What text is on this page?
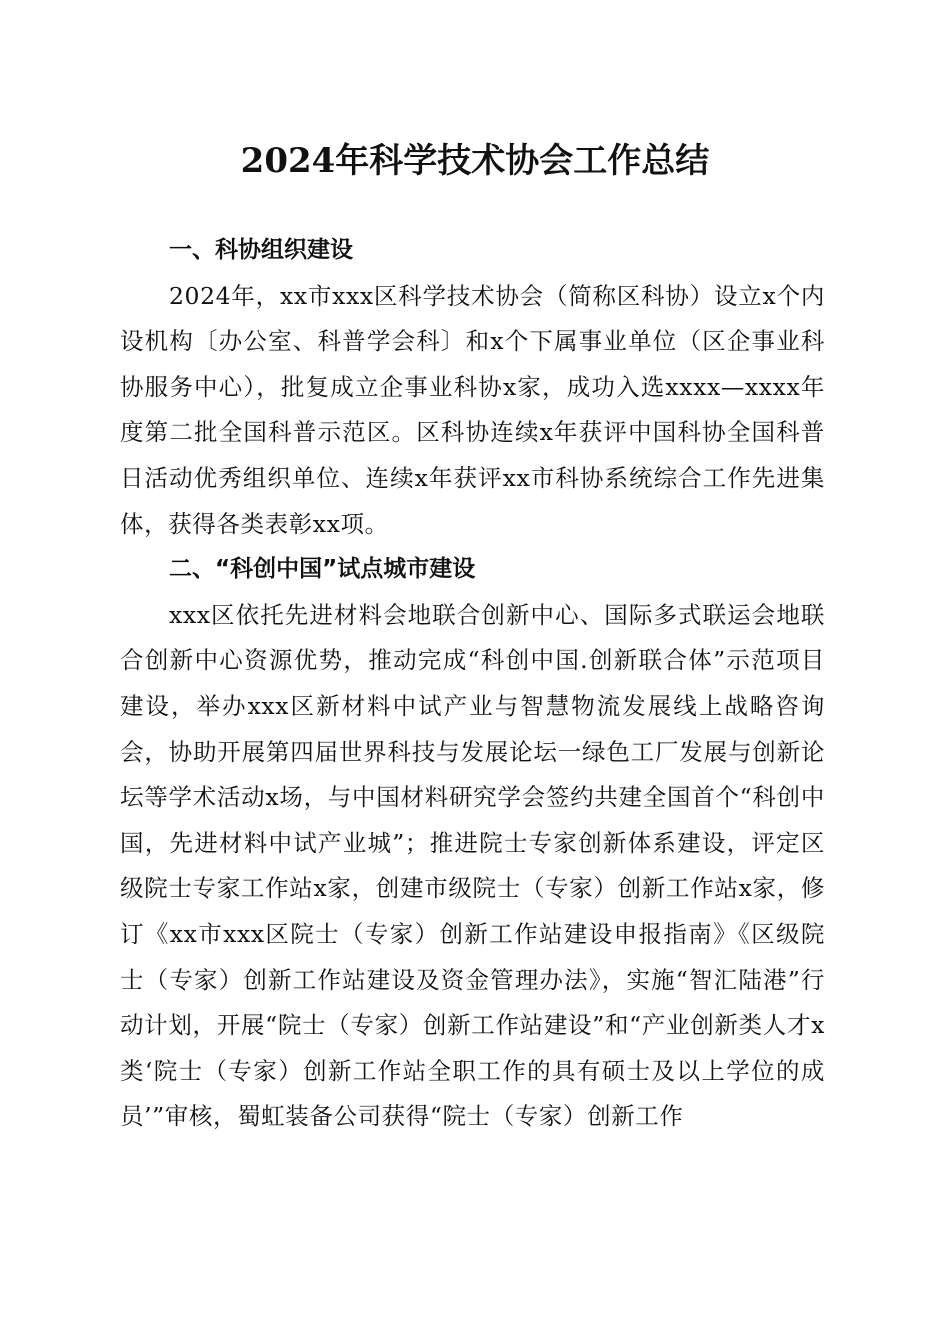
2024年科学技术协会工作总结

一、科协组织建设

2024年，xx市xxx区科学技术协会（简称区科协）设立x个内设机构〔办公室、科普学会科〕和x个下属事业单位（区企事业科协服务中心），批复成立企事业科协x家，成功入选xxxx—xxxx年度第二批全国科普示范区。区科协连续x年获评中国科协全国科普日活动优秀组织单位、连续x年获评xx市科协系统综合工作先进集体，获得各类表彰xx项。

二、“科创中国”试点城市建设

xxx区依托先进材料会地联合创新中心、国际多式联运会地联合创新中心资源优势，推动完成“科创中国.创新联合体”示范项目建设，举办xxx区新材料中试产业与智慧物流发展线上战略咨询会，协助开展第四届世界科技与发展论坛一绿色工厂发展与创新论坛等学术活动x场，与中国材料研究学会签约共建全国首个“科创中国，先进材料中试产业城”；推进院士专家创新体系建设，评定区级院士专家工作站x家，创建市级院士（专家）创新工作站x家，修订《xx市xxx区院士（专家）创新工作站建设申报指南》《区级院士（专家）创新工作站建设及资金管理办法》，实施“智汇陆港”行动计划，开展“院士（专家）创新工作站建设”和“产业创新类人才x类‘院士（专家）创新工作站全职工作的具有硕士及以上学位的成员’”审核，蜀虹装备公司获得“院士（专家）创新工作
